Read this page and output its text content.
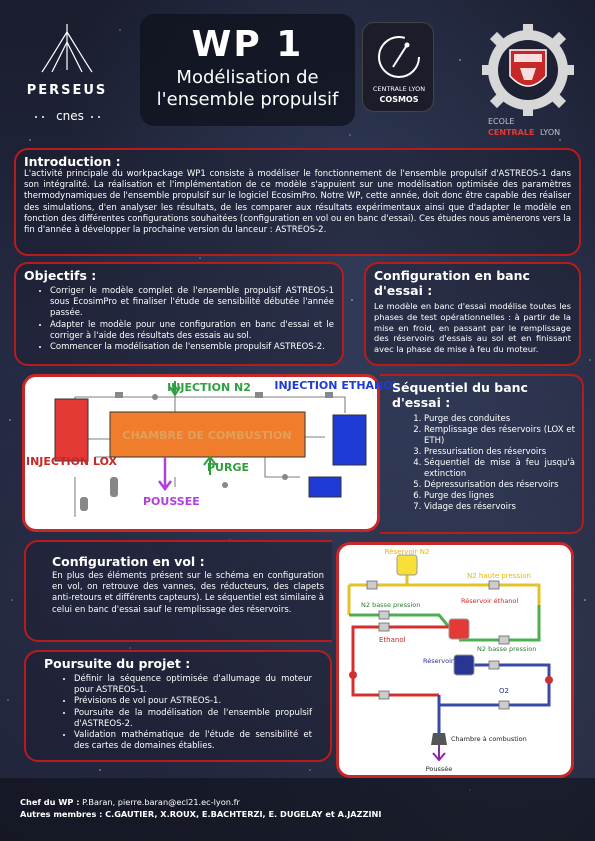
PERSEUS
cnes
WP 1
Modélisation de
l'ensemble propulsif	CENTRALE LYON
COSMOS
ECOLE
CENTRALE LYON
Introduction :

L'activité principale du workpackage WP1 consiste à modéliser le fonctionnement de l'ensemble propulsif d'ASTREOS-1 dans son intégralité. La réalisation et l'implémentation de ce modèle s'appuient sur une modélisation optimisée des paramètres thermodynamiques de l'ensemble propulsif sur le logiciel EcosimPro. Notre WP, cette année, doit donc être capable des réaliser des simulations, d'en analyser les résultats, de les comparer aux résultats expérimentaux ainsi que d'adapter le modèle en fonction des différentes configurations souhaitées (configuration en vol ou en banc d'essai). Ces études nous amènerons vers la fin d'année à développer la prochaine version du lanceur : ASTREOS-2.

Objectifs :
• Corriger le modèle complet de l'ensemble propulsif ASTREOS-1 sous EcosimPro et finaliser l'étude de sensibilité débutée l'année passée.
• Adapter le modèle pour une configuration en banc d'essai et le corriger à l'aide des résultats des essais au sol.
• Commencer la modélisation de l'ensemble propulsif ASTREOS-2.
Configuration en banc d'essai :

Le modèle en banc d'essai modélise toutes les phases de test opérationnelles : à partir de la mise en froid, en passant par le remplissage des réservoirs d'essais au sol et en finissant avec la phase de mise à feu du moteur.

INJECTION N2
INJECTION LOX
INJECTION ETHANOL
CHAMBRE DE COMBUSTION
PURGE
POUSSEE
Séquentiel du banc d'essai :
1. Purge des conduites
2. Remplissage des réservoirs (LOX et ETH)
3. Pressurisation des réservoirs
4. Séquentiel de mise à feu jusqu'à extinction
5. Dépressurisation des réservoirs
6. Purge des lignes
7. Vidage des réservoirs
Configuration en vol :

En plus des éléments présent sur le schéma en configuration en vol, on retrouve des vannes, des réducteurs, des clapets anti-retours et différents capteurs). Le séquentiel est similaire à celui en banc d'essai sauf le remplissage des réservoirs.

Réservoir N2
N2 haute pression
N2 basse pression	Réservoir éthanol
N2 basse pression
Ethanol
Réservoir O2
O2
Chambre à combustion
Poussée
Poursuite du projet :
• Définir la séquence optimisée d'allumage du moteur pour ASTREOS-1.
• Prévisions de vol pour ASTREOS-1.
• Poursuite de la modélisation de l'ensemble propulsif d'ASTREOS-2.
• Validation mathématique de l'étude de sensibilité et des cartes de domaines établies.
Chef du WP : P.Baran, pierre.baran@ecl21.ec-lyon.fr
Autres membres : C.GAUTIER, X.ROUX, E.BACHTERZI, E. DUGELAY et A.JAZZINI
